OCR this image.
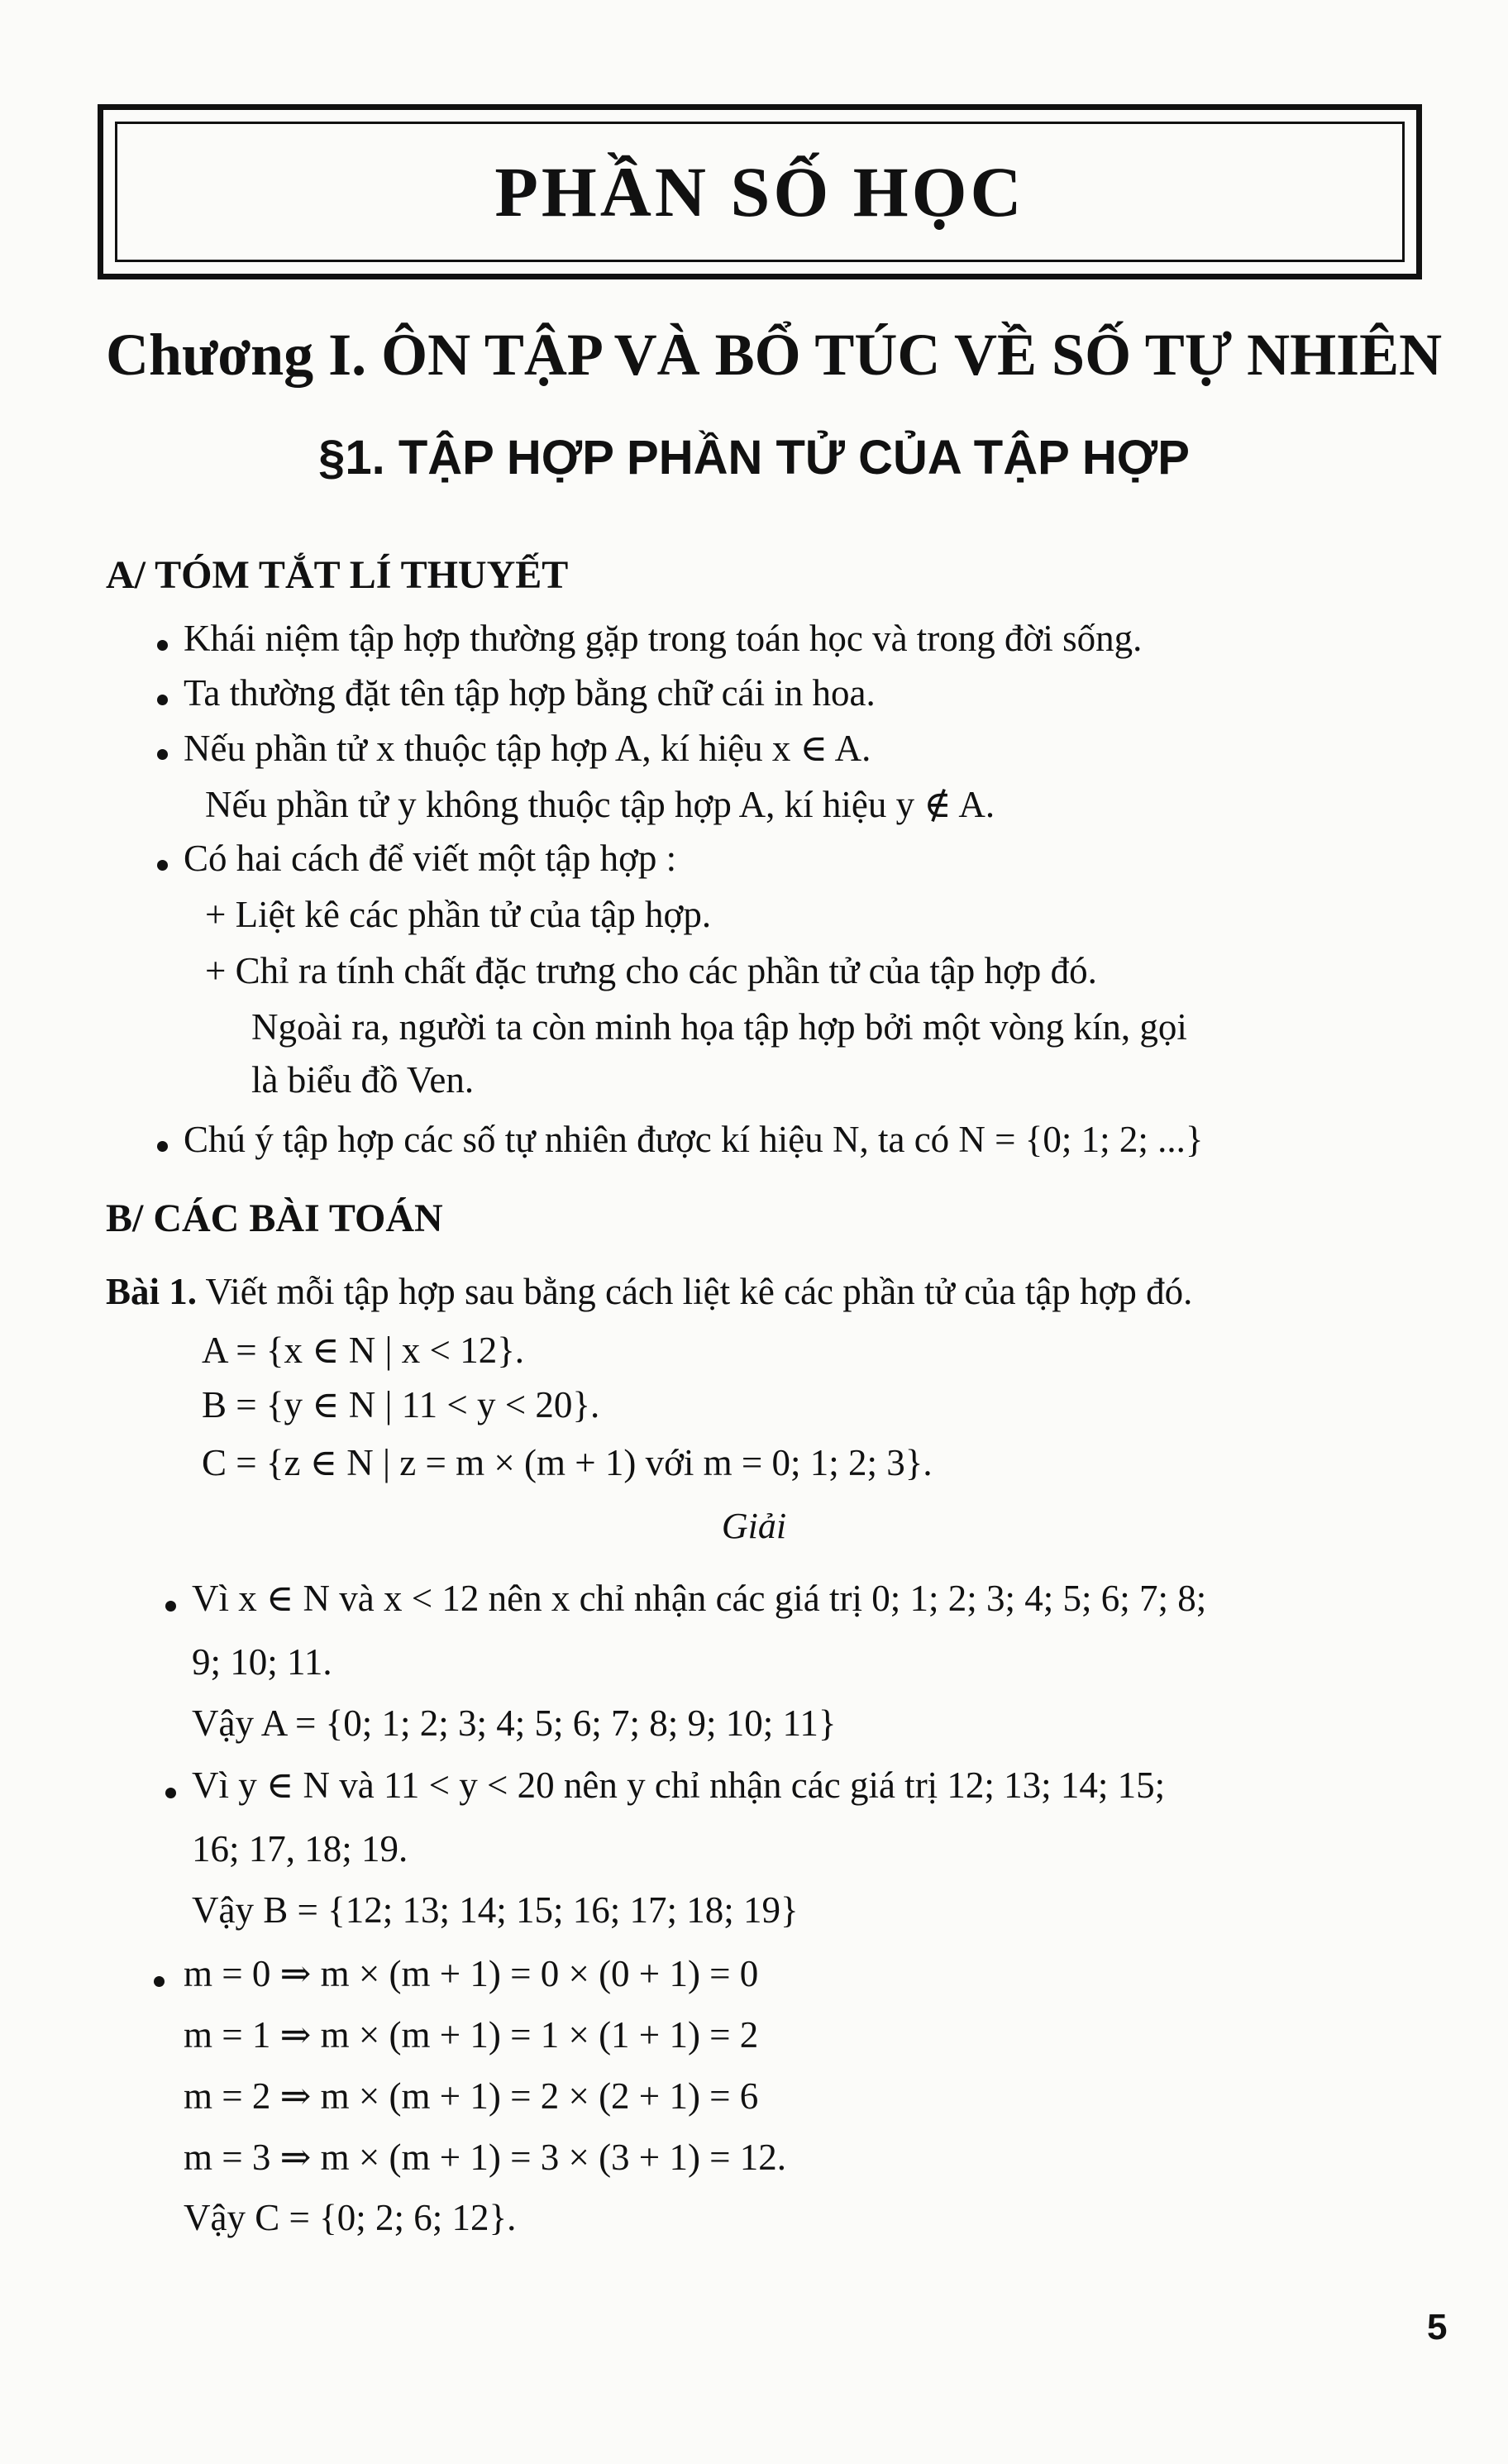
PHẦN SỐ HỌC
Chương I. ÔN TẬP VÀ BỔ TÚC VỀ SỐ TỰ NHIÊN
§1. TẬP HỢP PHẦN TỬ CỦA TẬP HỢP
A/ TÓM TẮT LÍ THUYẾT

Khái niệm tập hợp thường gặp trong toán học và trong đời sống.

Ta thường đặt tên tập hợp bằng chữ cái in hoa.

Nếu phần tử x thuộc tập hợp A, kí hiệu x ∈ A.

Nếu phần tử y không thuộc tập hợp A, kí hiệu y ∉ A.

Có hai cách để viết một tập hợp :

+ Liệt kê các phần tử của tập hợp.

+ Chỉ ra tính chất đặc trưng cho các phần tử của tập hợp đó.

Ngoài ra, người ta còn minh họa tập hợp bởi một vòng kín, gọi

là biểu đồ Ven.

Chú ý tập hợp các số tự nhiên được kí hiệu N, ta có N = {0; 1; 2; ...}

B/ CÁC BÀI TOÁN

Bài 1. Viết mỗi tập hợp sau bằng cách liệt kê các phần tử của tập hợp đó.

A = {x ∈ N | x < 12}.

B = {y ∈ N | 11 < y < 20}.

C = {z ∈ N | z = m × (m + 1) với m = 0; 1; 2; 3}.

Giải

Vì x ∈ N và x < 12 nên x chỉ nhận các giá trị 0; 1; 2; 3; 4; 5; 6; 7; 8;

9; 10; 11.

Vậy A = {0; 1; 2; 3; 4; 5; 6; 7; 8; 9; 10; 11}

Vì y ∈ N và 11 < y < 20 nên y chỉ nhận các giá trị 12; 13; 14; 15;

16; 17, 18; 19.

Vậy B = {12; 13; 14; 15; 16; 17; 18; 19}

m = 0 ⇒ m × (m + 1) = 0 × (0 + 1) = 0

m = 1 ⇒ m × (m + 1) = 1 × (1 + 1) = 2

m = 2 ⇒ m × (m + 1) = 2 × (2 + 1) = 6

m = 3 ⇒ m × (m + 1) = 3 × (3 + 1) = 12.

Vậy C = {0; 2; 6; 12}.

5
